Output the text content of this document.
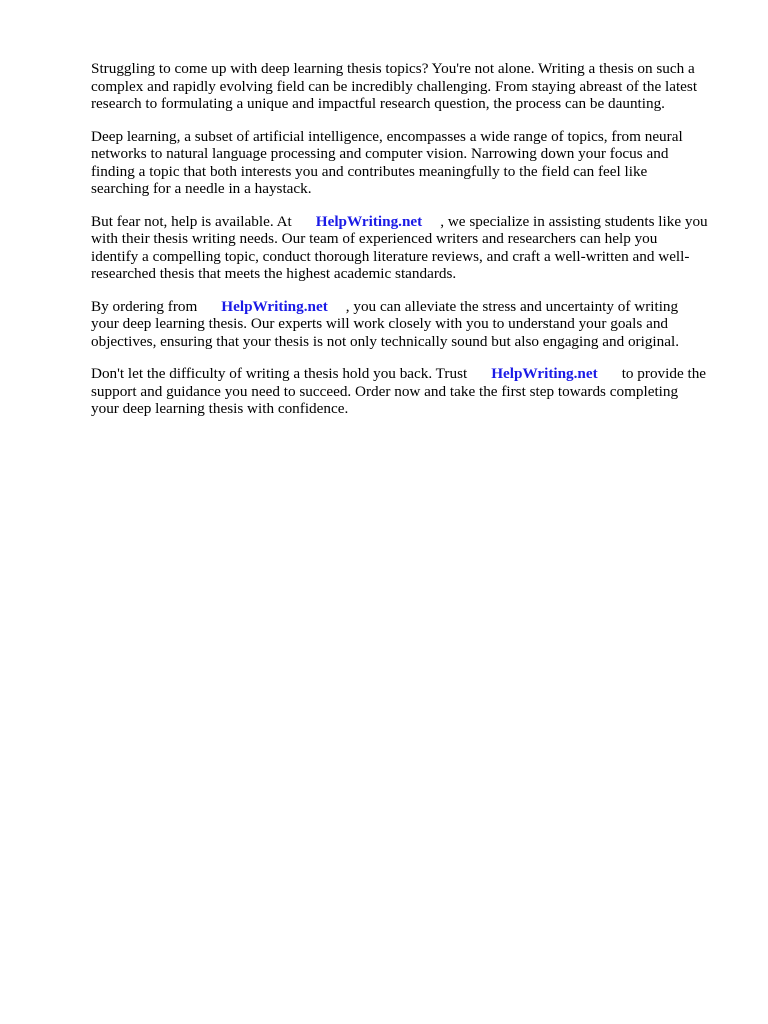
Struggling to come up with deep learning thesis topics? You're not alone. Writing a thesis on such a
complex and rapidly evolving field can be incredibly challenging. From staying abreast of the latest
research to formulating a unique and impactful research question, the process can be daunting.

Deep learning, a subset of artificial intelligence, encompasses a wide range of topics, from neural
networks to natural language processing and computer vision. Narrowing down your focus and
finding a topic that both interests you and contributes meaningfully to the field can feel like
searching for a needle in a haystack.

But fear not, help is available. At HelpWriting.net , we specialize in assisting students like you
with their thesis writing needs. Our team of experienced writers and researchers can help you
identify a compelling topic, conduct thorough literature reviews, and craft a well-written and well-
researched thesis that meets the highest academic standards.

By ordering from HelpWriting.net , you can alleviate the stress and uncertainty of writing
your deep learning thesis. Our experts will work closely with you to understand your goals and
objectives, ensuring that your thesis is not only technically sound but also engaging and original.

Don't let the difficulty of writing a thesis hold you back. Trust HelpWriting.net to provide the
support and guidance you need to succeed. Order now and take the first step towards completing
your deep learning thesis with confidence.
